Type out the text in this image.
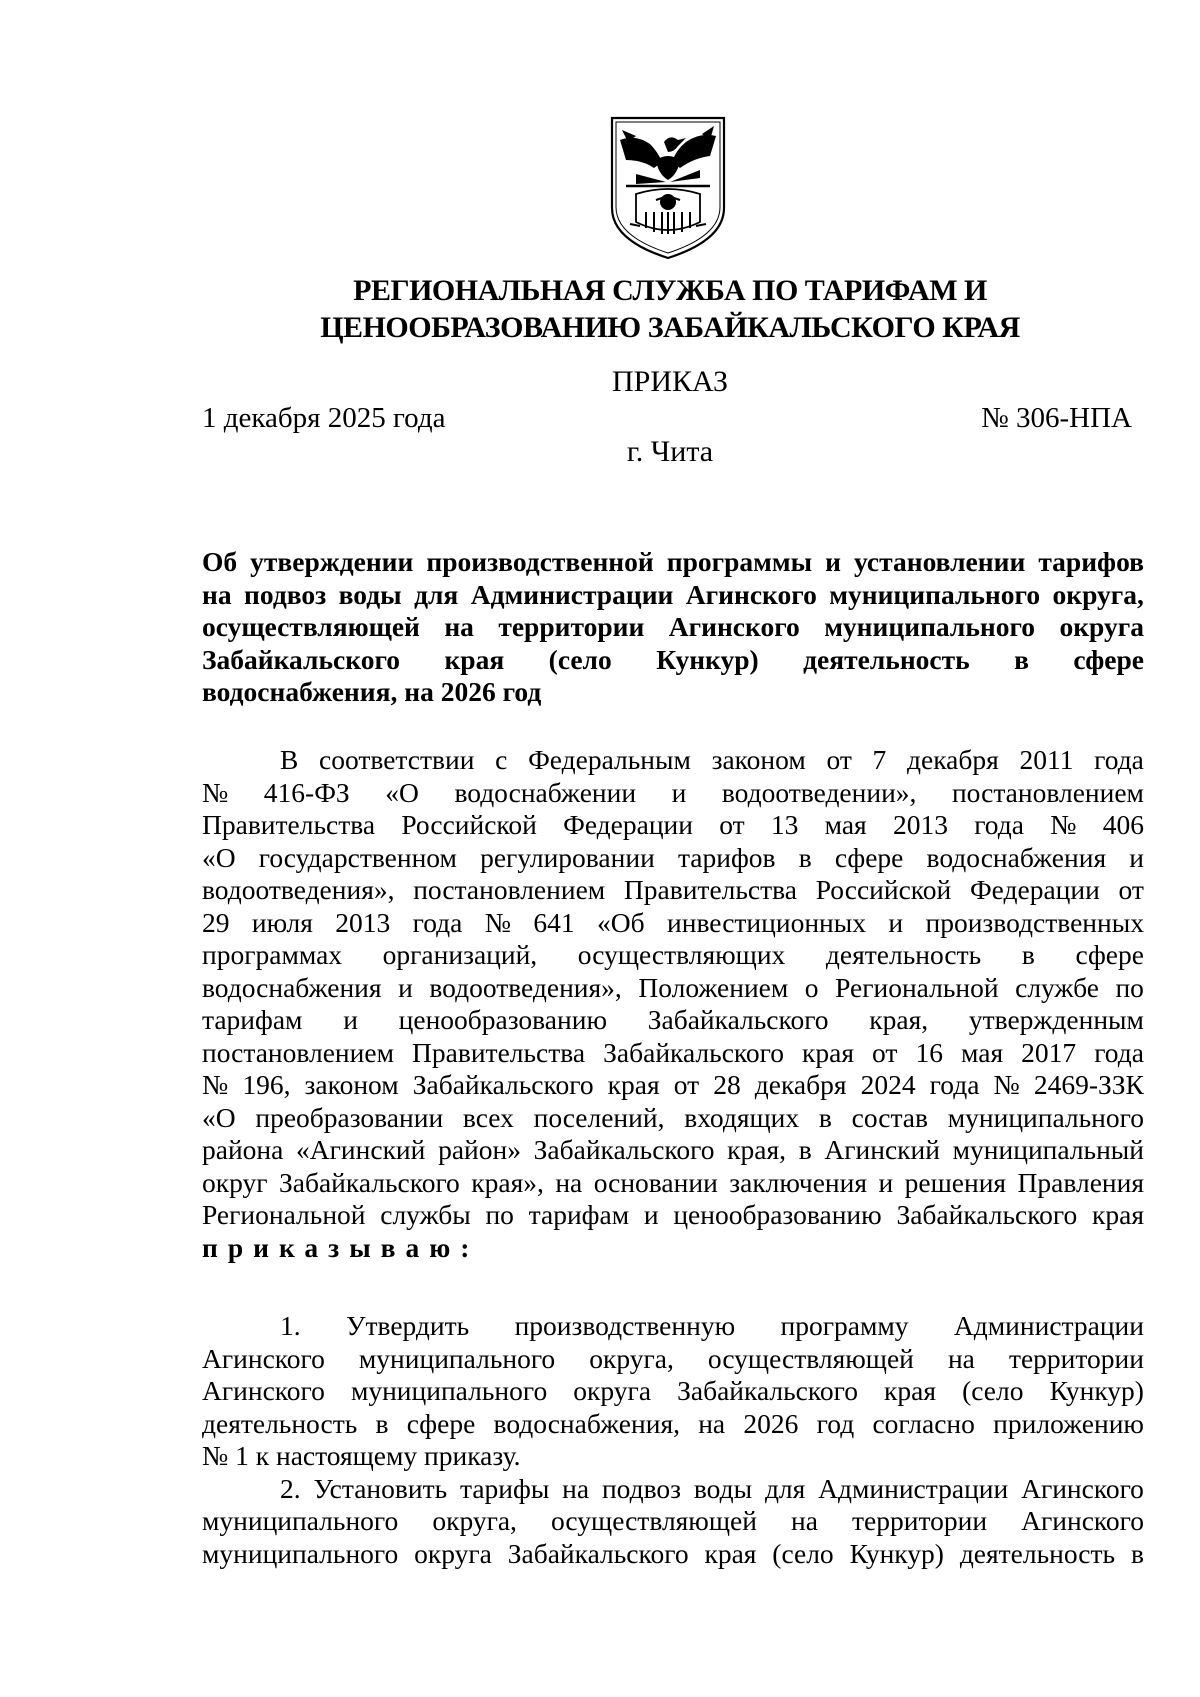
РЕГИОНАЛЬНАЯ СЛУЖБА ПО ТАРИФАМ И
ЦЕНООБРАЗОВАНИЮ ЗАБАЙКАЛЬСКОГО КРАЯ
ПРИКАЗ
1 декабря 2025 года	№ 306-НПА
г. Чита
Об утверждении производственной программы и установлении тарифов
на подвоз воды для Администрации Агинского муниципального округа,
осуществляющей на территории Агинского муниципального округа
Забайкальского края (село Кункур) деятельность в сфере
водоснабжения, на 2026 год
В соответствии с Федеральным законом от 7 декабря 2011 года
№ 416-ФЗ «О водоснабжении и водоотведении», постановлением
Правительства Российской Федерации от 13 мая 2013 года № 406
«О государственном регулировании тарифов в сфере водоснабжения и
водоотведения», постановлением Правительства Российской Федерации от
29 июля 2013 года № 641 «Об инвестиционных и производственных
программах организаций, осуществляющих деятельность в сфере
водоснабжения и водоотведения», Положением о Региональной службе по
тарифам и ценообразованию Забайкальского края, утвержденным
постановлением Правительства Забайкальского края от 16 мая 2017 года
№ 196, законом Забайкальского края от 28 декабря 2024 года № 2469-ЗЗК
«О преобразовании всех поселений, входящих в состав муниципального
района «Агинский район» Забайкальского края, в Агинский муниципальный
округ Забайкальского края», на основании заключения и решения Правления
Региональной службы по тарифам и ценообразованию Забайкальского края
приказываю:
1. Утвердить производственную программу Администрации
Агинского муниципального округа, осуществляющей на территории
Агинского муниципального округа Забайкальского края (село Кункур)
деятельность в сфере водоснабжения, на 2026 год согласно приложению
№ 1 к настоящему приказу.
2. Установить тарифы на подвоз воды для Администрации Агинского
муниципального округа, осуществляющей на территории Агинского
муниципального округа Забайкальского края (село Кункур) деятельность в
